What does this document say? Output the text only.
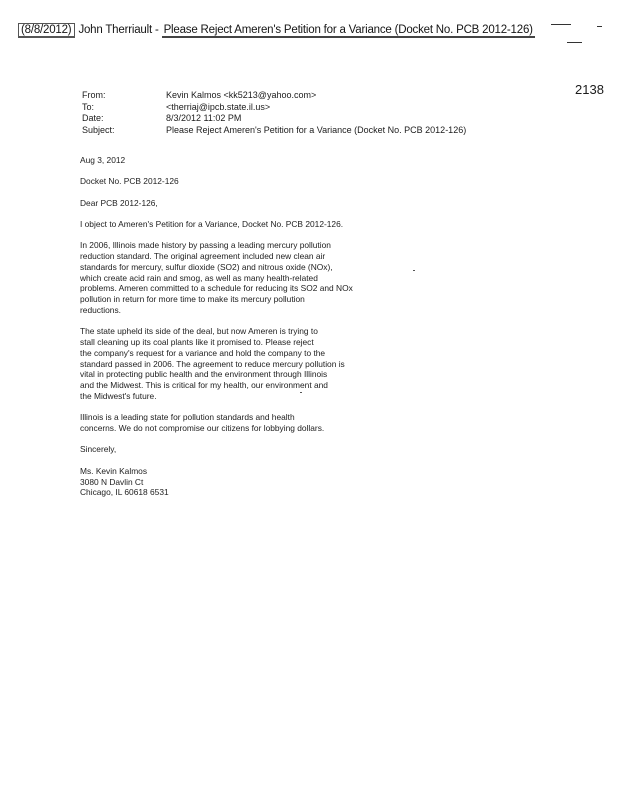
(8/8/2012) John Therriault - Please Reject Ameren's Petition for a Variance (Docket No. PCB 2012-126)
2138
From:	Kevin Kalmos <kk5213@yahoo.com>
To:	<therriaj@ipcb.state.il.us>
Date:	8/3/2012 11:02 PM
Subject:	Please Reject Ameren's Petition for a Variance (Docket No. PCB 2012-126)

Aug 3, 2012

Docket No. PCB 2012-126

Dear PCB 2012-126,

I object to Ameren's Petition for a Variance, Docket No. PCB 2012-126.

In 2006, Illinois made history by passing a leading mercury pollution

reduction standard. The original agreement included new clean air

standards for mercury, sulfur dioxide (SO2) and nitrous oxide (NOx),

which create acid rain and smog, as well as many health-related

problems. Ameren committed to a schedule for reducing its SO2 and NOx

pollution in return for more time to make its mercury pollution

reductions.

The state upheld its side of the deal, but now Ameren is trying to

stall cleaning up its coal plants like it promised to. Please reject

the company's request for a variance and hold the company to the

standard passed in 2006. The agreement to reduce mercury pollution is

vital in protecting public health and the environment through Illinois

and the Midwest. This is critical for my health, our environment and

the Midwest's future.

Illinois is a leading state for pollution standards and health

concerns. We do not compromise our citizens for lobbying dollars.

Sincerely,

Ms. Kevin Kalmos

3080 N Davlin Ct

Chicago, IL 60618 6531
